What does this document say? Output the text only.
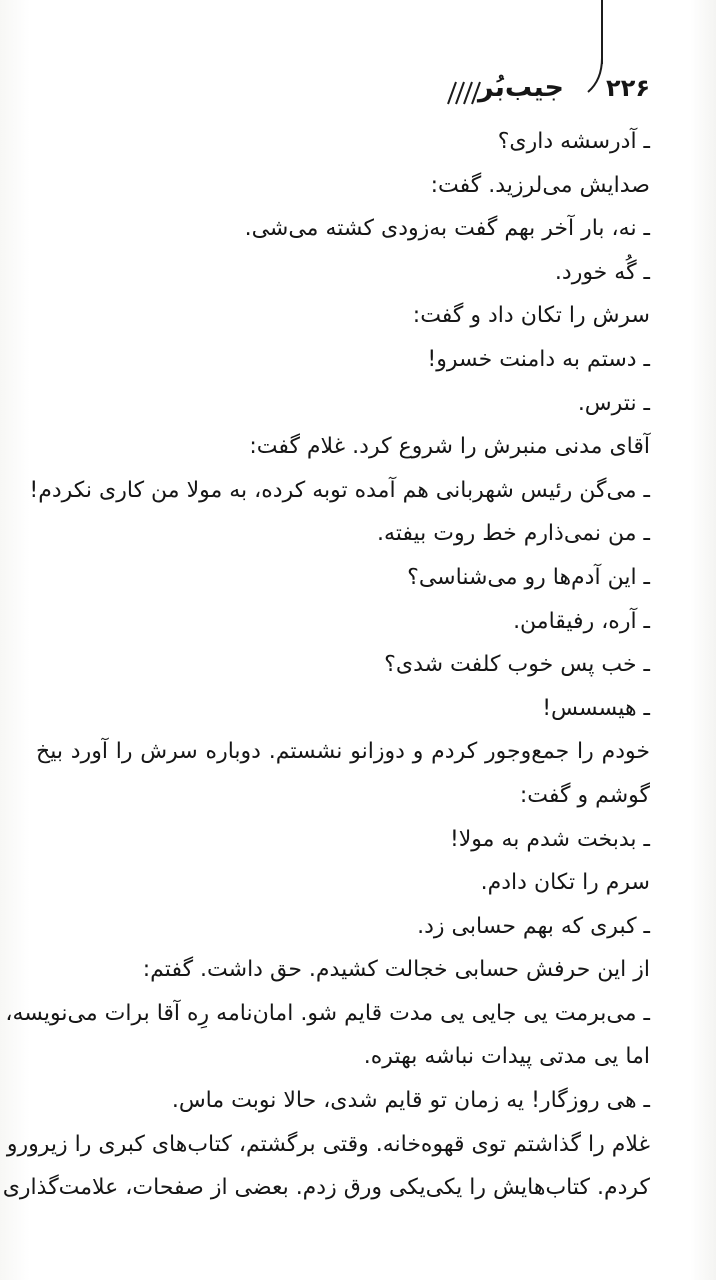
۲۲۶
جیب‌بُر
ـ آدرسشه داری؟
صدایش می‌لرزید. گفت:
ـ نه، بار آخر بهم گفت به‌زودی کشته می‌شی.
ـ گُه خورد.
سرش را تکان داد و گفت:
ـ دستم به دامنت خسرو!
ـ نترس.
آقای مدنی منبرش را شروع کرد. غلام گفت:
ـ می‌گن رئیس شهربانی هم آمده توبه کرده، به مولا من کاری نکردم!
ـ من نمی‌ذارم خط روت بیفته.
ـ این آدم‌ها رو می‌شناسی؟
ـ آره، رفیقامن.
ـ خب پس خوب کلفت شدی؟
ـ هیسسس!
خودم را جمع‌وجور کردم و دوزانو نشستم. دوباره سرش را آورد بیخ
گوشم و گفت:
ـ بدبخت شدم به مولا!
سرم را تکان دادم.
ـ کبری که بهم حسابی زد.
از این حرفش حسابی خجالت کشیدم. حق داشت. گفتم:
ـ می‌برمت یی جایی یی مدت قایم شو. امان‌نامه رِه آقا برات می‌نویسه،
اما یی مدتی پیدات نباشه بهتره.
ـ هی روزگار! یه زمان تو قایم شدی، حالا نوبت ماس.
غلام را گذاشتم توی قهوه‌خانه. وقتی برگشتم، کتاب‌های کبری را زیرورو
کردم. کتاب‌هایش را یکی‌یکی ورق زدم. بعضی از صفحات، علامت‌گذاری
